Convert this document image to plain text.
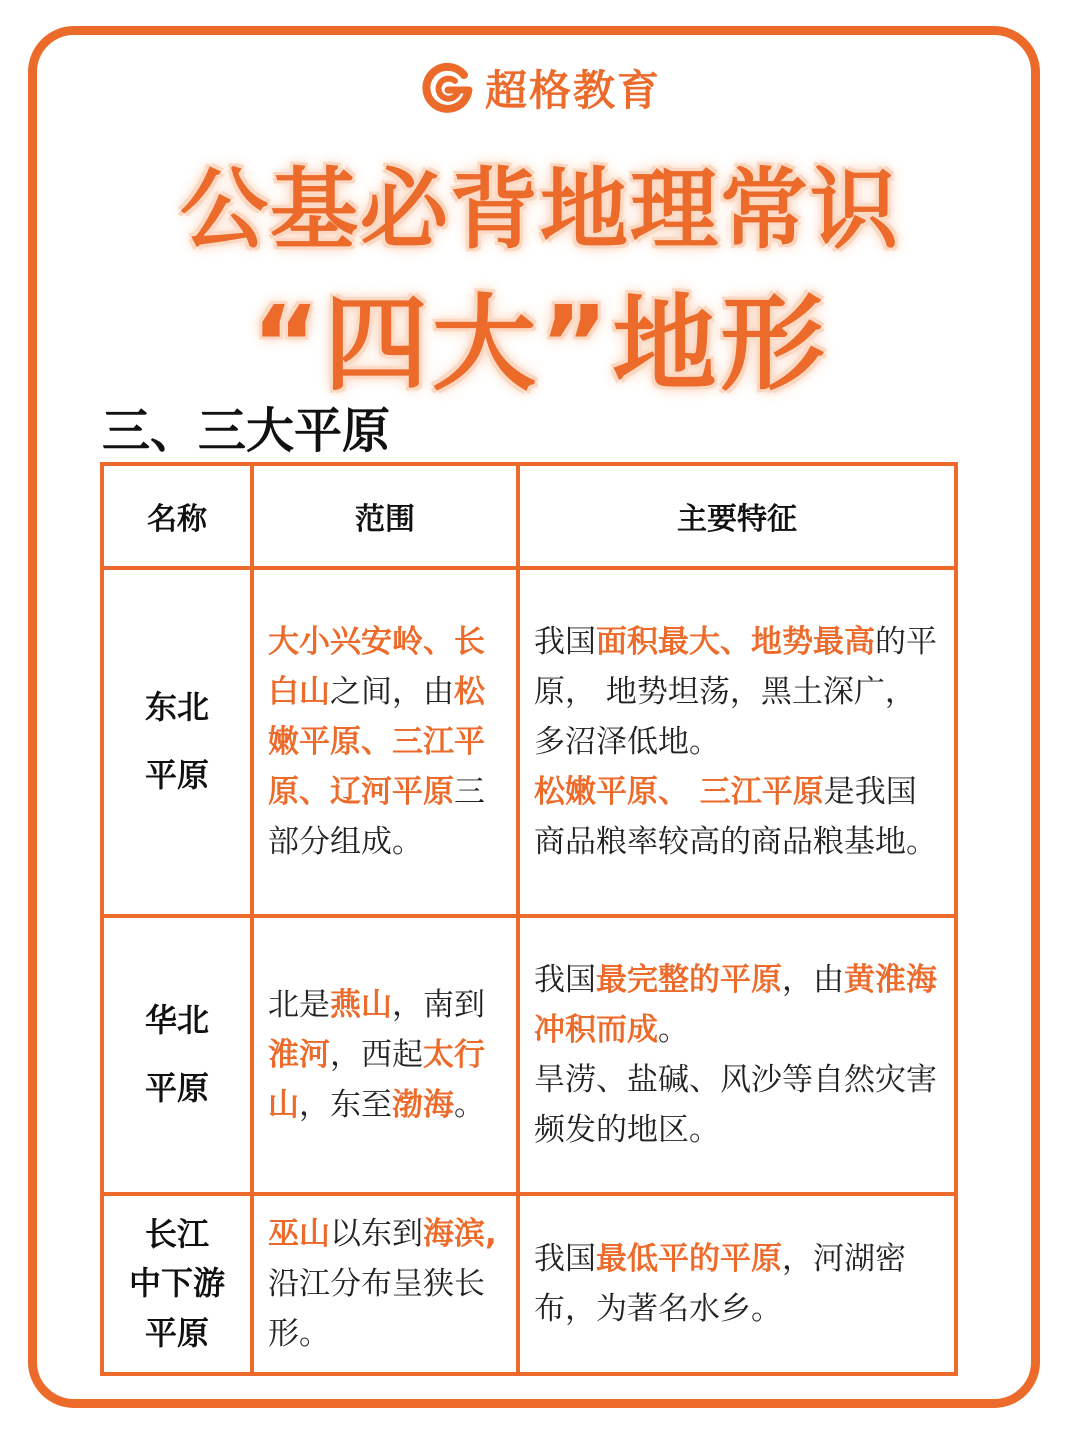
超格教育
公基必背地理常识
“四大”地形
三、三大平原
名称	范围	主要特征

东北
平原	大小兴安岭、长白山之间，由松嫩平原、三江平原、辽河平原三部分组成。	我国面积最大、地势最高的平原， 地势坦荡，黑土深广，多沼泽低地。
松嫩平原、 三江平原是我国商品粮率较高的商品粮基地。

华北
平原	北是燕山，南到淮河，西起太行山，东至渤海。	我国最完整的平原，由黄淮海冲积而成。
旱涝、盐碱、风沙等自然灾害频发的地区。

长江
中下游
平原	巫山以东到海滨,沿江分布呈狭长形。	我国最低平的平原，河湖密布，为著名水乡。
